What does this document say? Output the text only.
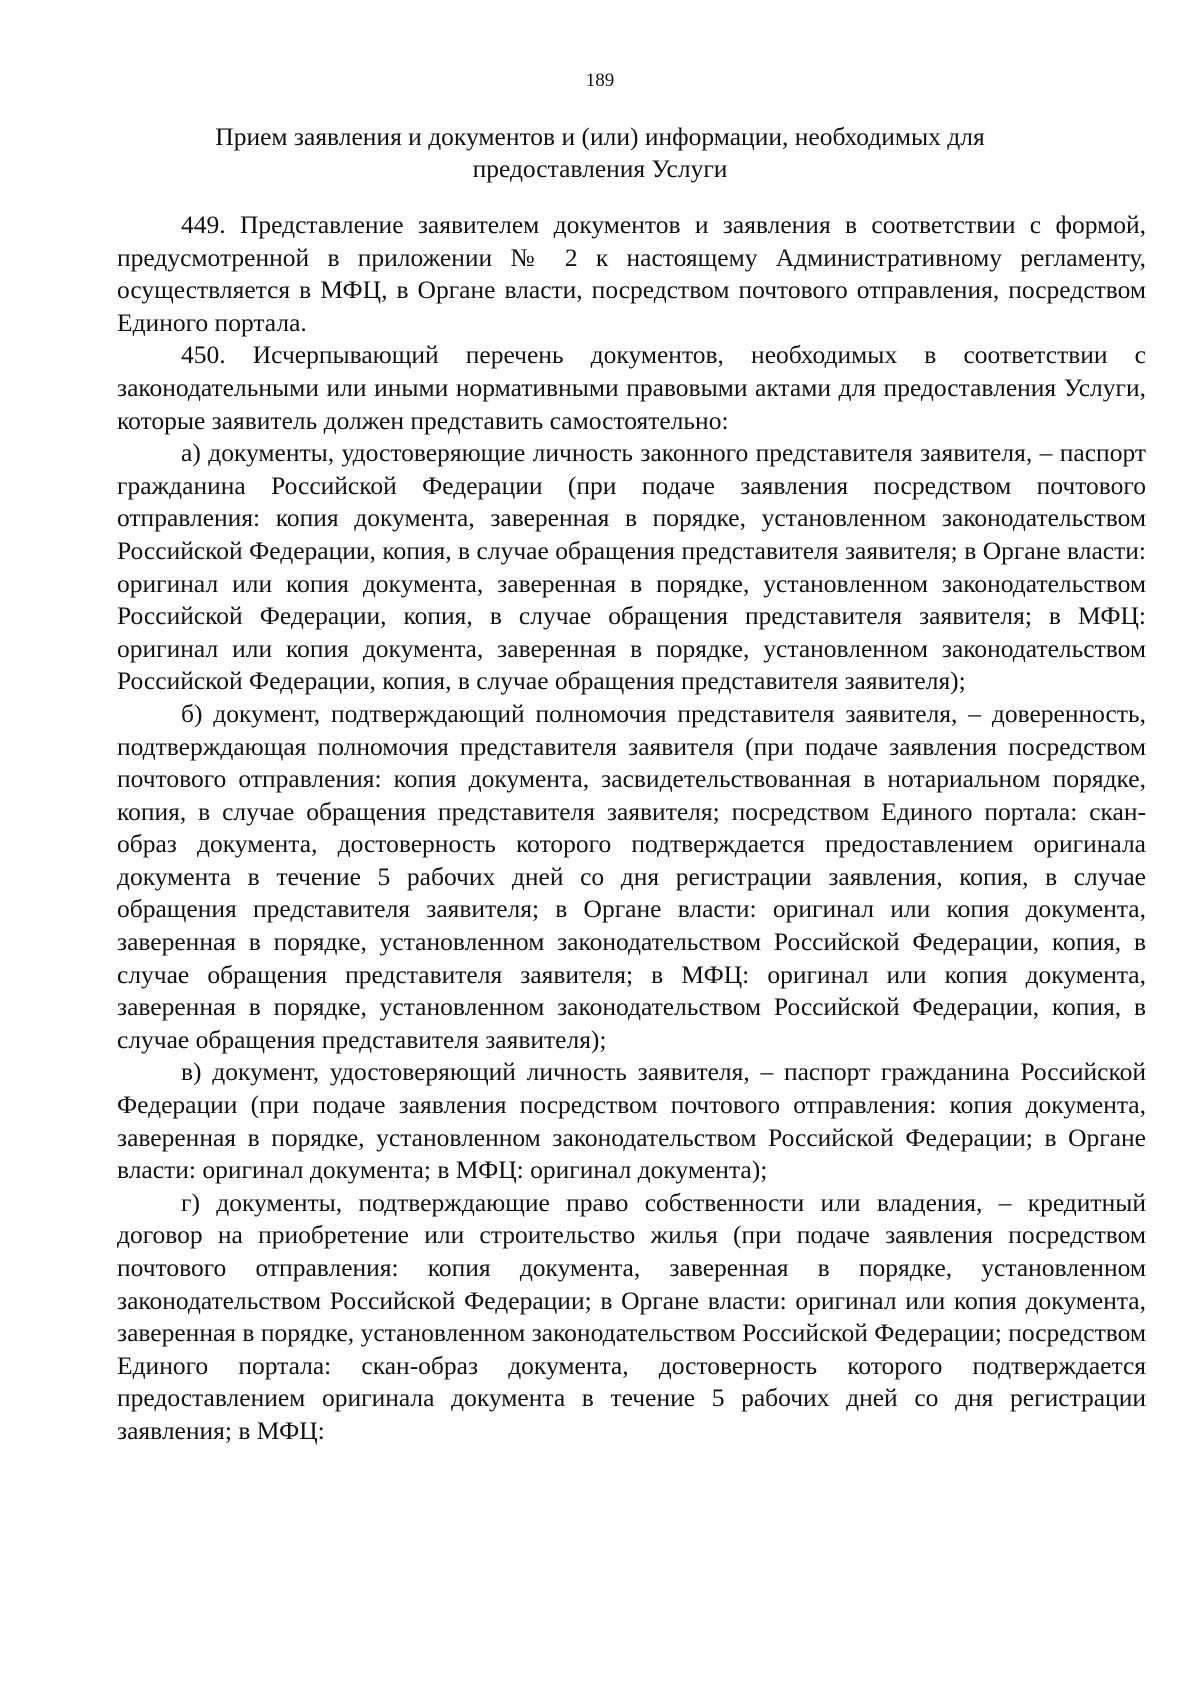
189
Прием заявления и документов и (или) информации, необходимых для предоставления Услуги

449. Представление заявителем документов и заявления в соответствии с формой, предусмотренной в приложении № 2 к настоящему Административному регламенту, осуществляется в МФЦ, в Органе власти, посредством почтового отправления, посредством Единого портала.

450. Исчерпывающий перечень документов, необходимых в соответствии с законодательными или иными нормативными правовыми актами для предоставления Услуги, которые заявитель должен представить самостоятельно:

а) документы, удостоверяющие личность законного представителя заявителя, – паспорт гражданина Российской Федерации (при подаче заявления посредством почтового отправления: копия документа, заверенная в порядке, установленном законодательством Российской Федерации, копия, в случае обращения представителя заявителя; в Органе власти: оригинал или копия документа, заверенная в порядке, установленном законодательством Российской Федерации, копия, в случае обращения представителя заявителя; в МФЦ: оригинал или копия документа, заверенная в порядке, установленном законодательством Российской Федерации, копия, в случае обращения представителя заявителя);

б) документ, подтверждающий полномочия представителя заявителя, – доверенность, подтверждающая полномочия представителя заявителя (при подаче заявления посредством почтового отправления: копия документа, засвидетельствованная в нотариальном порядке, копия, в случае обращения представителя заявителя; посредством Единого портала: скан-образ документа, достоверность которого подтверждается предоставлением оригинала документа в течение 5 рабочих дней со дня регистрации заявления, копия, в случае обращения представителя заявителя; в Органе власти: оригинал или копия документа, заверенная в порядке, установленном законодательством Российской Федерации, копия, в случае обращения представителя заявителя; в МФЦ: оригинал или копия документа, заверенная в порядке, установленном законодательством Российской Федерации, копия, в случае обращения представителя заявителя);

в) документ, удостоверяющий личность заявителя, – паспорт гражданина Российской Федерации (при подаче заявления посредством почтового отправления: копия документа, заверенная в порядке, установленном законодательством Российской Федерации; в Органе власти: оригинал документа; в МФЦ: оригинал документа);

г) документы, подтверждающие право собственности или владения, – кредитный договор на приобретение или строительство жилья (при подаче заявления посредством почтового отправления: копия документа, заверенная в порядке, установленном законодательством Российской Федерации; в Органе власти: оригинал или копия документа, заверенная в порядке, установленном законодательством Российской Федерации; посредством Единого портала: скан-образ документа, достоверность которого подтверждается предоставлением оригинала документа в течение 5 рабочих дней со дня регистрации заявления; в МФЦ:
